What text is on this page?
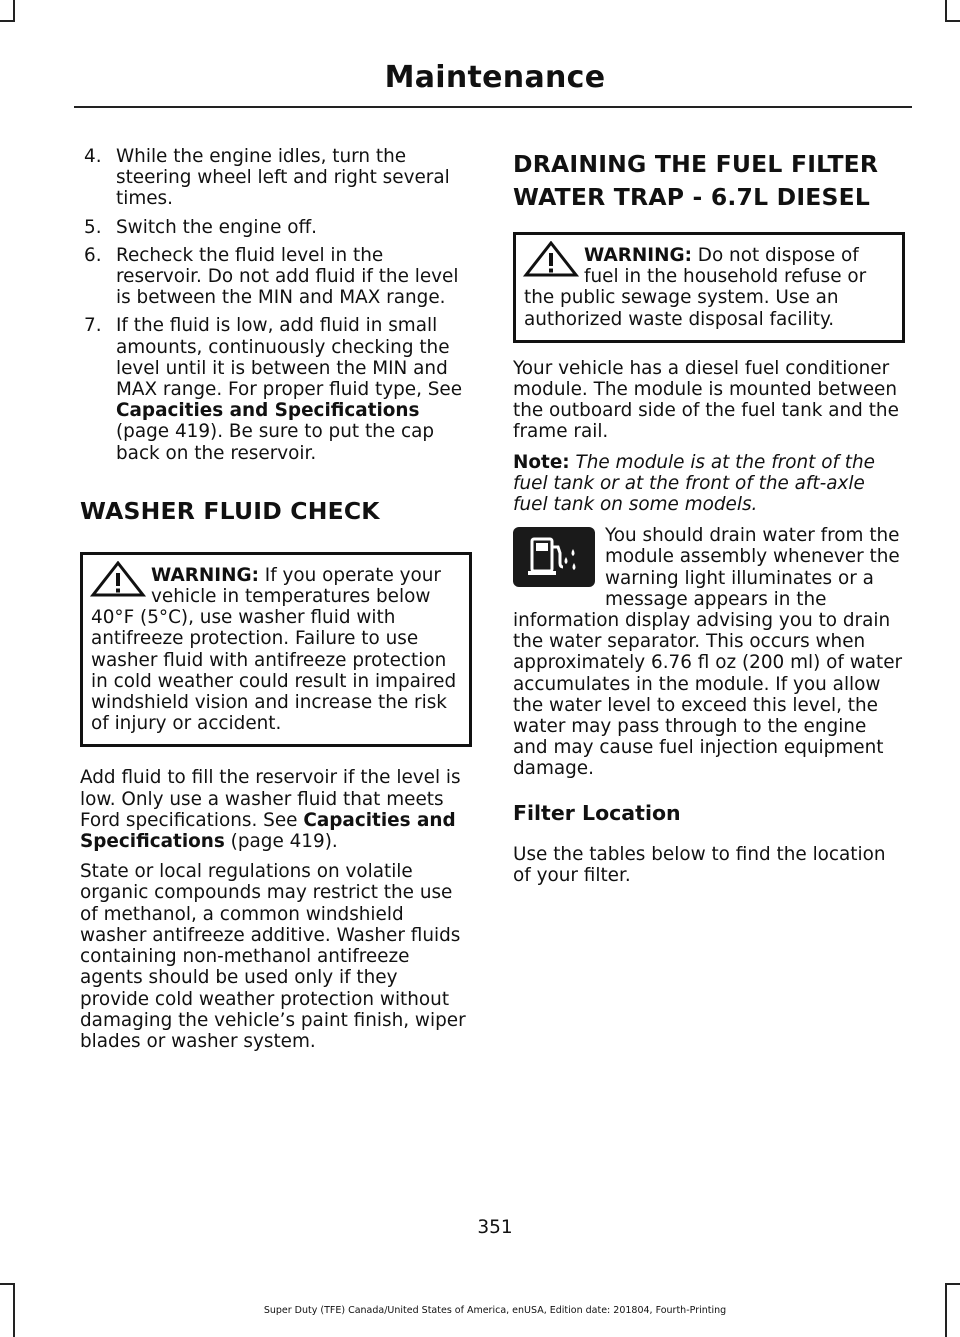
Maintenance
4. While the engine idles, turn the steering wheel left and right several times.
5. Switch the engine off.
6. Recheck the fluid level in the reservoir. Do not add fluid if the level is between the MIN and MAX range.
7. If the fluid is low, add fluid in small amounts, continuously checking the level until it is between the MIN and MAX range. For proper fluid type, See Capacities and Specifications (page 419). Be sure to put the cap back on the reservoir.
WASHER FLUID CHECK
WARNING: If you operate your vehicle in temperatures below 40°F (5°C), use washer fluid with antifreeze protection. Failure to use washer fluid with antifreeze protection in cold weather could result in impaired windshield vision and increase the risk of injury or accident.

Add fluid to fill the reservoir if the level is low. Only use a washer fluid that meets Ford specifications. See Capacities and Specifications (page 419).

State or local regulations on volatile organic compounds may restrict the use of methanol, a common windshield washer antifreeze additive. Washer fluids containing non-methanol antifreeze agents should be used only if they provide cold weather protection without damaging the vehicle’s paint finish, wiper blades or washer system.

DRAINING THE FUEL FILTER
WATER TRAP - 6.7L DIESEL
WARNING: Do not dispose of fuel in the household refuse or the public sewage system. Use an authorized waste disposal facility.

Your vehicle has a diesel fuel conditioner module. The module is mounted between the outboard side of the fuel tank and the frame rail.

Note: The module is at the front of the fuel tank or at the front of the aft-axle fuel tank on some models.

You should drain water from the module assembly whenever the warning light illuminates or a message appears in the information display advising you to drain the water separator. This occurs when approximately 6.76 fl oz (200 ml) of water accumulates in the module. If you allow the water level to exceed this level, the water may pass through to the engine and may cause fuel injection equipment damage.

Filter Location

Use the tables below to find the location of your filter.

351
Super Duty (TFE) Canada/United States of America, enUSA, Edition date: 201804, Fourth-Printing
